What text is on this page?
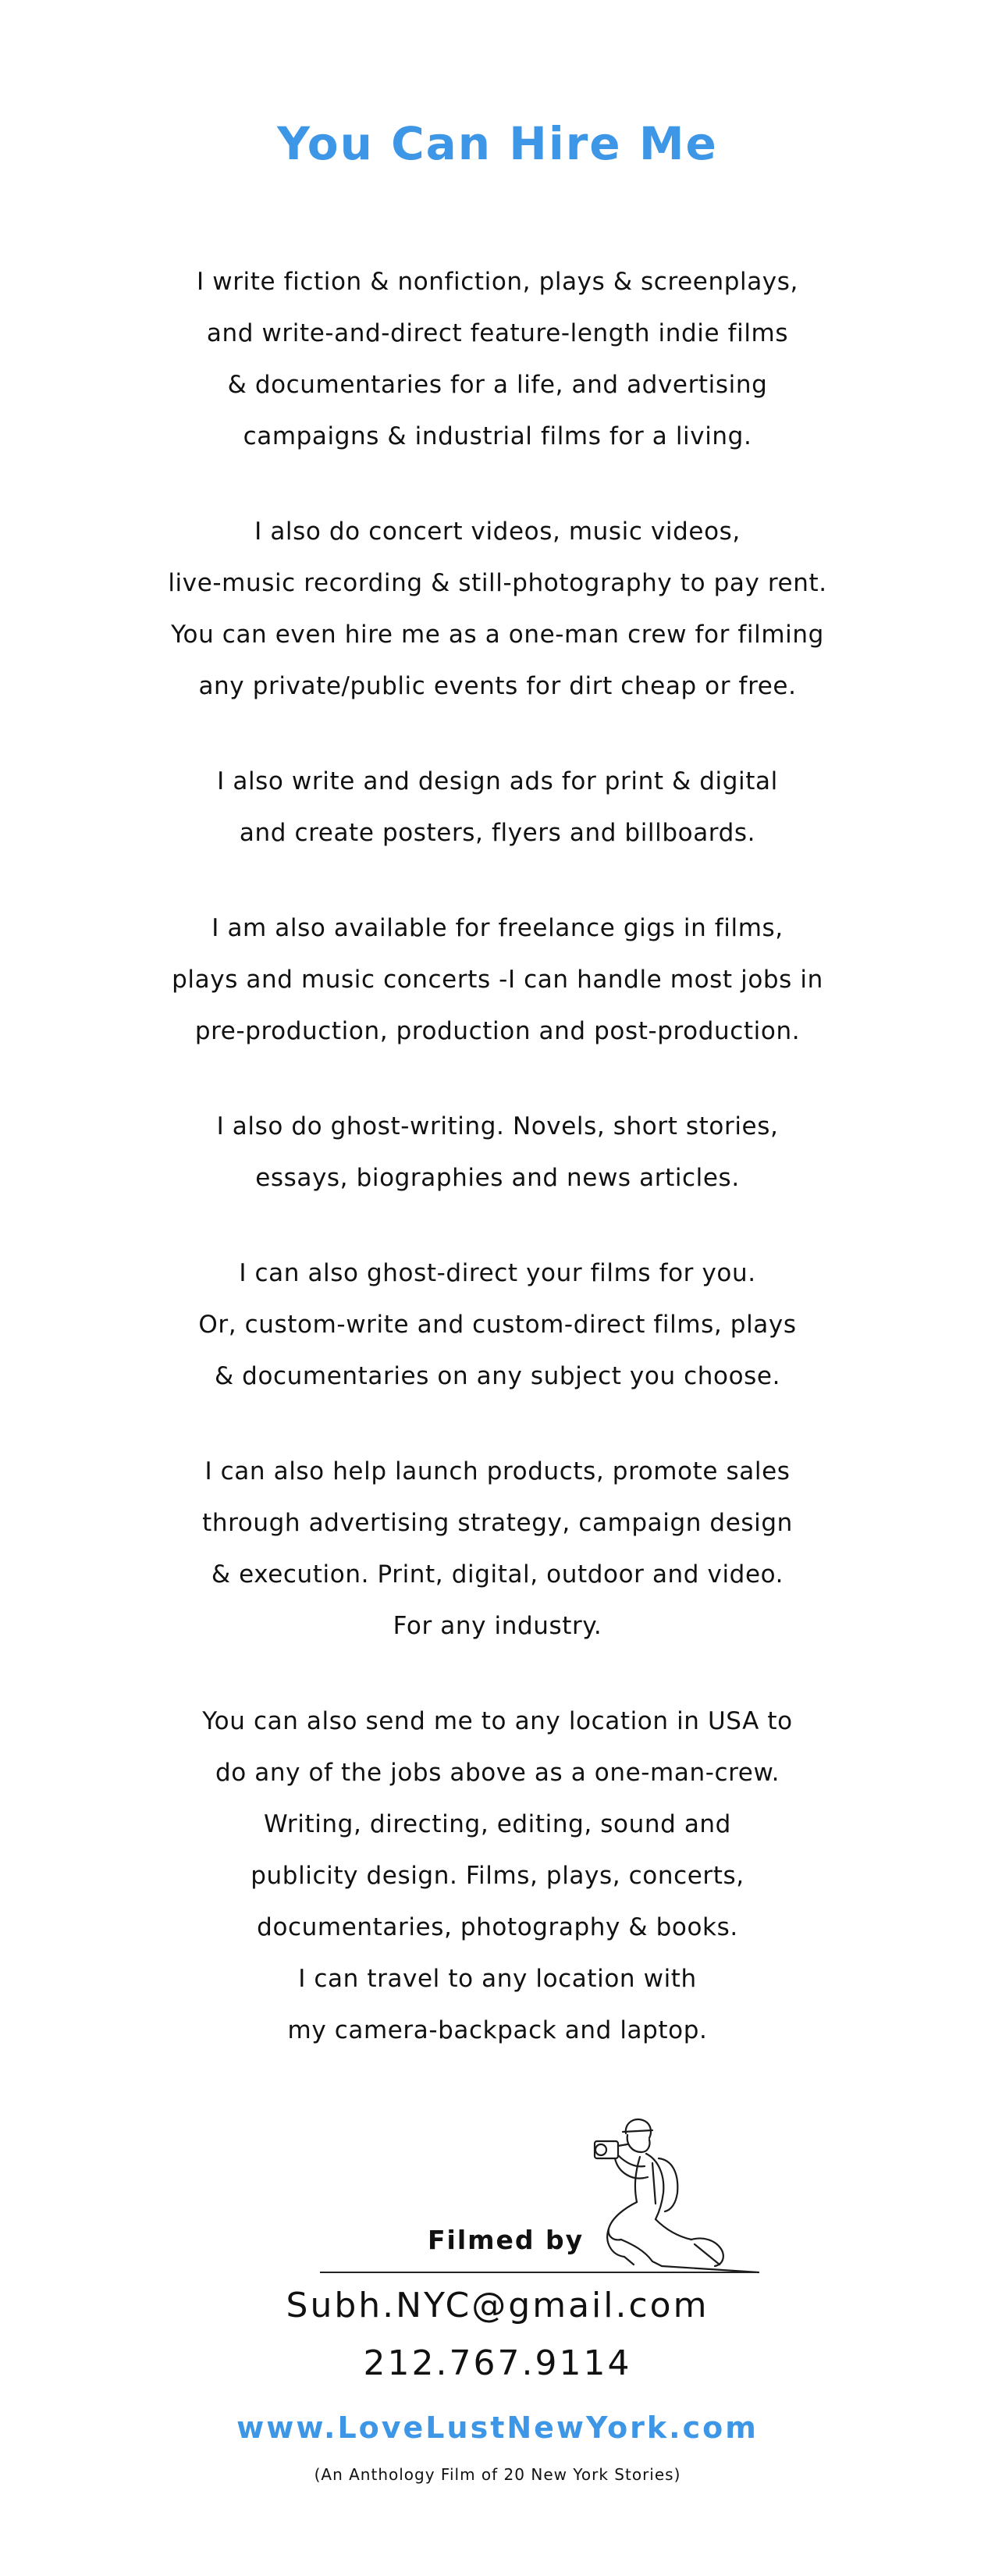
You Can Hire Me
I write fiction & nonfiction, plays & screenplays,
and write-and-direct feature-length indie films
& documentaries for a life, and advertising
campaigns & industrial films for a living.
I also do concert videos, music videos,
live-music recording & still-photography to pay rent.
You can even hire me as a one-man crew for filming
any private/public events for dirt cheap or free.
I also write and design ads for print & digital
and create posters, flyers and billboards.
I am also available for freelance gigs in films,
plays and music concerts -I can handle most jobs in
pre-production, production and post-production.
I also do ghost-writing. Novels, short stories,
essays, biographies and news articles.
I can also ghost-direct your films for you.
Or, custom-write and custom-direct films, plays
& documentaries on any subject you choose.
I can also help launch products, promote sales
through advertising strategy, campaign design
& execution. Print, digital, outdoor and video.
For any industry.
You can also send me to any location in USA to
do any of the jobs above as a one-man-crew.
Writing, directing, editing, sound and
publicity design. Films, plays, concerts,
documentaries, photography & books.
I can travel to any location with
my camera-backpack and laptop.
Filmed by
Subh.NYC@gmail.com
212.767.9114
www.LoveLustNewYork.com
(An Anthology Film of 20 New York Stories)
